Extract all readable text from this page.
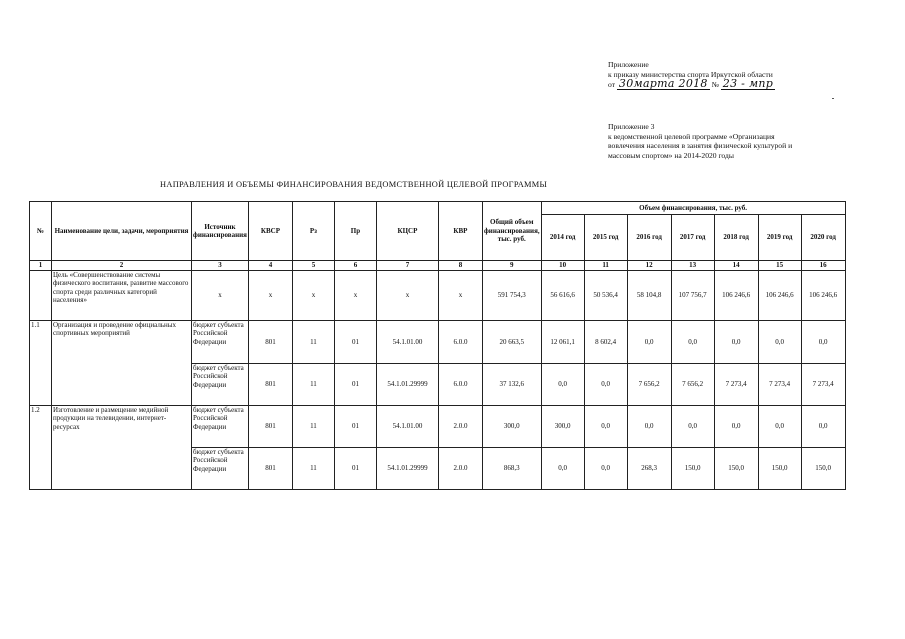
Приложение
к приказу министерства спорта Иркутской области
от 30марта 2018 № 23 - мпр
Приложение 3
к ведомственной целевой программе «Организация
вовлечения населения в занятия физической культурой и
массовым спортом» на 2014-2020 годы
НАПРАВЛЕНИЯ И ОБЪЕМЫ ФИНАНСИРОВАНИЯ ВЕДОМСТВЕННОЙ ЦЕЛЕВОЙ ПРОГРАММЫ
№	Наименование цели, задачи, мероприятия	Источник финансирования	КВСР	Рз	Пр	КЦСР	КВР	Общий объем финансирования, тыс. руб.	Объем финансирования, тыс. руб.						
									2014 год	2015 год	2016 год	2017 год	2018 год	2019 год	2020 год
1	2	3	4	5	6	7	8	9	10	11	12	13	14	15	16
	Цель «Совершенствование системы физического воспитания, развитие массового спорта среди различных категорий населения»	х	х	х	х	х	х	591 754,3	56 616,6	50 536,4	58 104,8	107 756,7	106 246,6	106 246,6	106 246,6
1.1	Организация и проведение официальных спортивных мероприятий	бюджет субъекта Российской Федерации	801	11	01	54.1.01.00	6.0.0	20 663,5	12 061,1	8 602,4	0,0	0,0	0,0	0,0	0,0
		бюджет субъекта Российской Федерации	801	11	01	54.1.01.29999	6.0.0	37 132,6	0,0	0,0	7 656,2	7 656,2	7 273,4	7 273,4	7 273,4
1.2	Изготовление и размещение медийной продукции на телевидении, интернет-ресурсах	бюджет субъекта Российской Федерации	801	11	01	54.1.01.00	2.0.0	300,0	300,0	0,0	0,0	0,0	0,0	0,0	0,0
		бюджет субъекта Российской Федерации	801	11	01	54.1.01.29999	2.0.0	868,3	0,0	0,0	268,3	150,0	150,0	150,0	150,0
